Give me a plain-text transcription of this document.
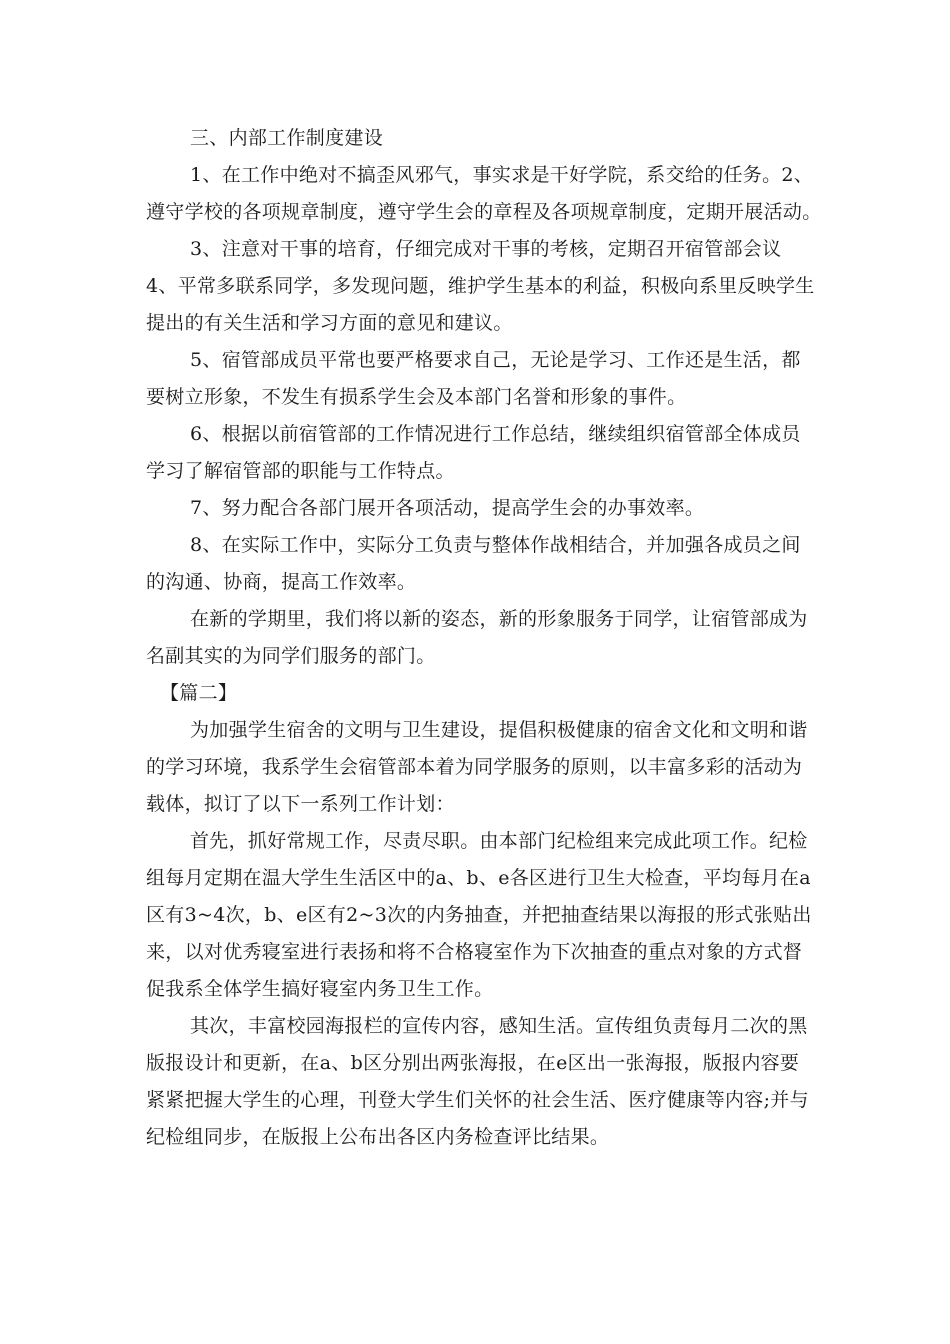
三、内部工作制度建设
1、在工作中绝对不搞歪风邪气，事实求是干好学院，系交给的任务。2、
遵守学校的各项规章制度，遵守学生会的章程及各项规章制度，定期开展活动。
3、注意对干事的培育，仔细完成对干事的考核，定期召开宿管部会议
4、平常多联系同学，多发现问题，维护学生基本的利益，积极向系里反映学生
提出的有关生活和学习方面的意见和建议。
5、宿管部成员平常也要严格要求自己，无论是学习、工作还是生活，都
要树立形象，不发生有损系学生会及本部门名誉和形象的事件。
6、根据以前宿管部的工作情况进行工作总结，继续组织宿管部全体成员
学习了解宿管部的职能与工作特点。
7、努力配合各部门展开各项活动，提高学生会的办事效率。
8、在实际工作中，实际分工负责与整体作战相结合，并加强各成员之间
的沟通、协商，提高工作效率。
在新的学期里，我们将以新的姿态，新的形象服务于同学，让宿管部成为
名副其实的为同学们服务的部门。
【篇二】
为加强学生宿舍的文明与卫生建设，提倡积极健康的宿舍文化和文明和谐
的学习环境，我系学生会宿管部本着为同学服务的原则，以丰富多彩的活动为
载体，拟订了以下一系列工作计划：
首先，抓好常规工作，尽责尽职。由本部门纪检组来完成此项工作。纪检
组每月定期在温大学生生活区中的a、b、e各区进行卫生大检查，平均每月在a
区有3~4次，b、e区有2~3次的内务抽查，并把抽查结果以海报的形式张贴出
来，以对优秀寝室进行表扬和将不合格寝室作为下次抽查的重点对象的方式督
促我系全体学生搞好寝室内务卫生工作。
其次，丰富校园海报栏的宣传内容，感知生活。宣传组负责每月二次的黑
版报设计和更新，在a、b区分别出两张海报，在e区出一张海报，版报内容要
紧紧把握大学生的心理，刊登大学生们关怀的社会生活、医疗健康等内容;并与
纪检组同步，在版报上公布出各区内务检查评比结果。
